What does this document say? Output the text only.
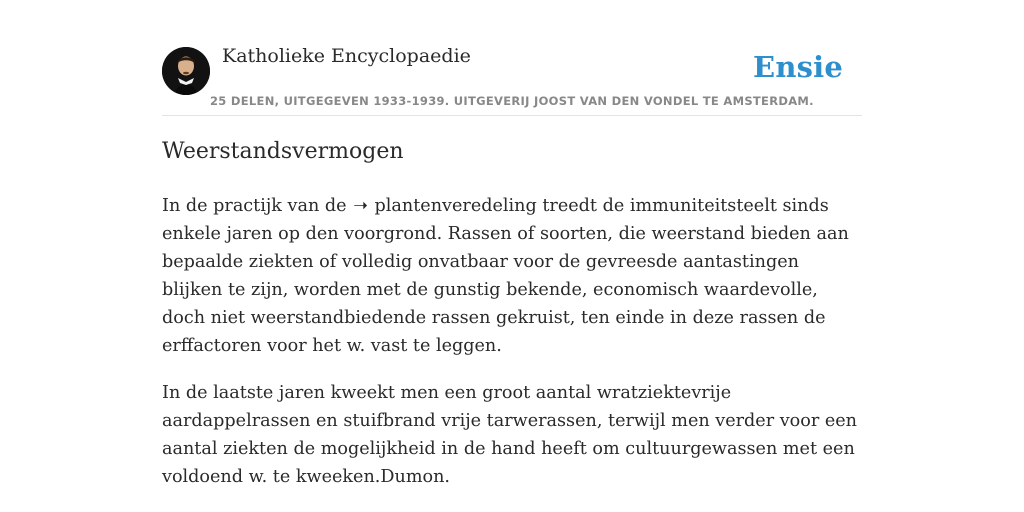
Katholieke Encyclopaedie	Ensie
25 DELEN, UITGEGEVEN 1933-1939. UITGEVERIJ JOOST VAN DEN VONDEL TE AMSTERDAM.
Weerstandsvermogen

In de practijk van de ➝ plantenveredeling treedt de immuniteitsteelt sinds enkele jaren op den voorgrond. Rassen of soorten, die weerstand bieden aan bepaalde ziekten of volledig onvatbaar voor de gevreesde aantastingen blijken te zijn, worden met de gunstig bekende, economisch waardevolle, doch niet weerstandbiedende rassen gekruist, ten einde in deze rassen de erffactoren voor het w. vast te leggen.

In de laatste jaren kweekt men een groot aantal wratziektevrije aardappelrassen en stuifbrand vrije tarwerassen, terwijl men verder voor een aantal ziekten de mogelijkheid in de hand heeft om cultuurgewassen met een voldoend w. te kweeken.Dumon.
